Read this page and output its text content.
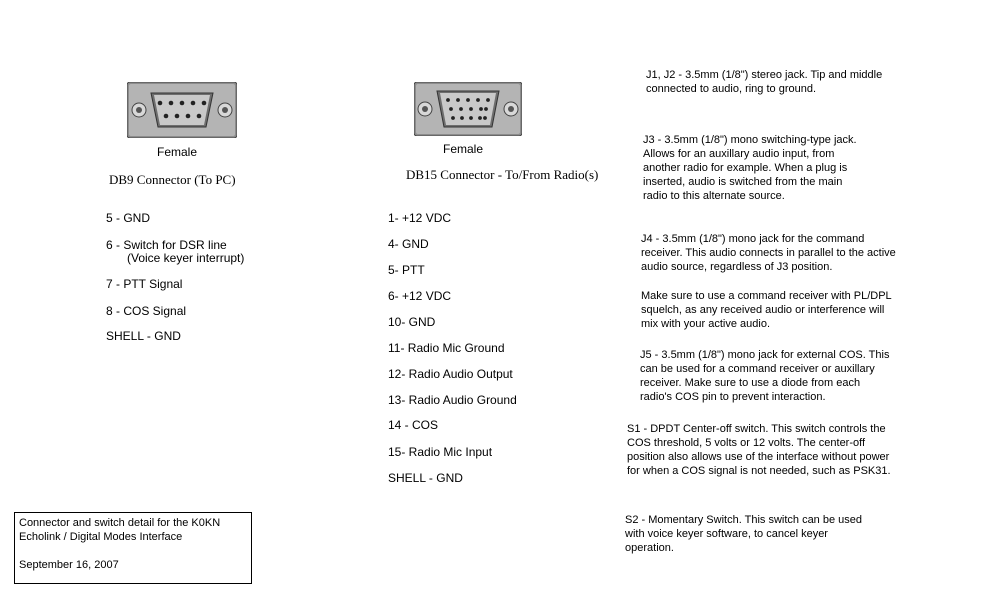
Female
DB9 Connector (To PC)
5 - GND
6 - Switch for DSR line
(Voice keyer interrupt)
7 - PTT Signal
8 - COS Signal
SHELL - GND
Female
DB15 Connector - To/From Radio(s)
1- +12 VDC
4- GND
5- PTT
6- +12 VDC
10- GND
11- Radio Mic Ground
12- Radio Audio Output
13- Radio Audio Ground
14 - COS
15- Radio Mic Input
SHELL - GND
J1, J2 - 3.5mm (1/8") stereo jack. Tip and middle
connected to audio, ring to ground.
J3 - 3.5mm (1/8") mono switching-type jack.
Allows for an auxillary audio input, from
another radio for example. When a plug is
inserted, audio is switched from the main
radio to this alternate source.
J4 - 3.5mm (1/8") mono jack for the command
receiver. This audio connects in parallel to the active
audio source, regardless of J3 position.
Make sure to use a command receiver with PL/DPL
squelch, as any received audio or interference will
mix with your active audio.
J5 - 3.5mm (1/8") mono jack for external COS. This
can be used for a command receiver or auxillary
receiver. Make sure to use a diode from each
radio's COS pin to prevent interaction.
S1 - DPDT Center-off switch. This switch controls the
COS threshold, 5 volts or 12 volts. The center-off
position also allows use of the interface without power
for when a COS signal is not needed, such as PSK31.
S2 - Momentary Switch. This switch can be used
with voice keyer software, to cancel keyer
operation.
Connector and switch detail for the K0KN
Echolink / Digital Modes Interface
September 16, 2007
